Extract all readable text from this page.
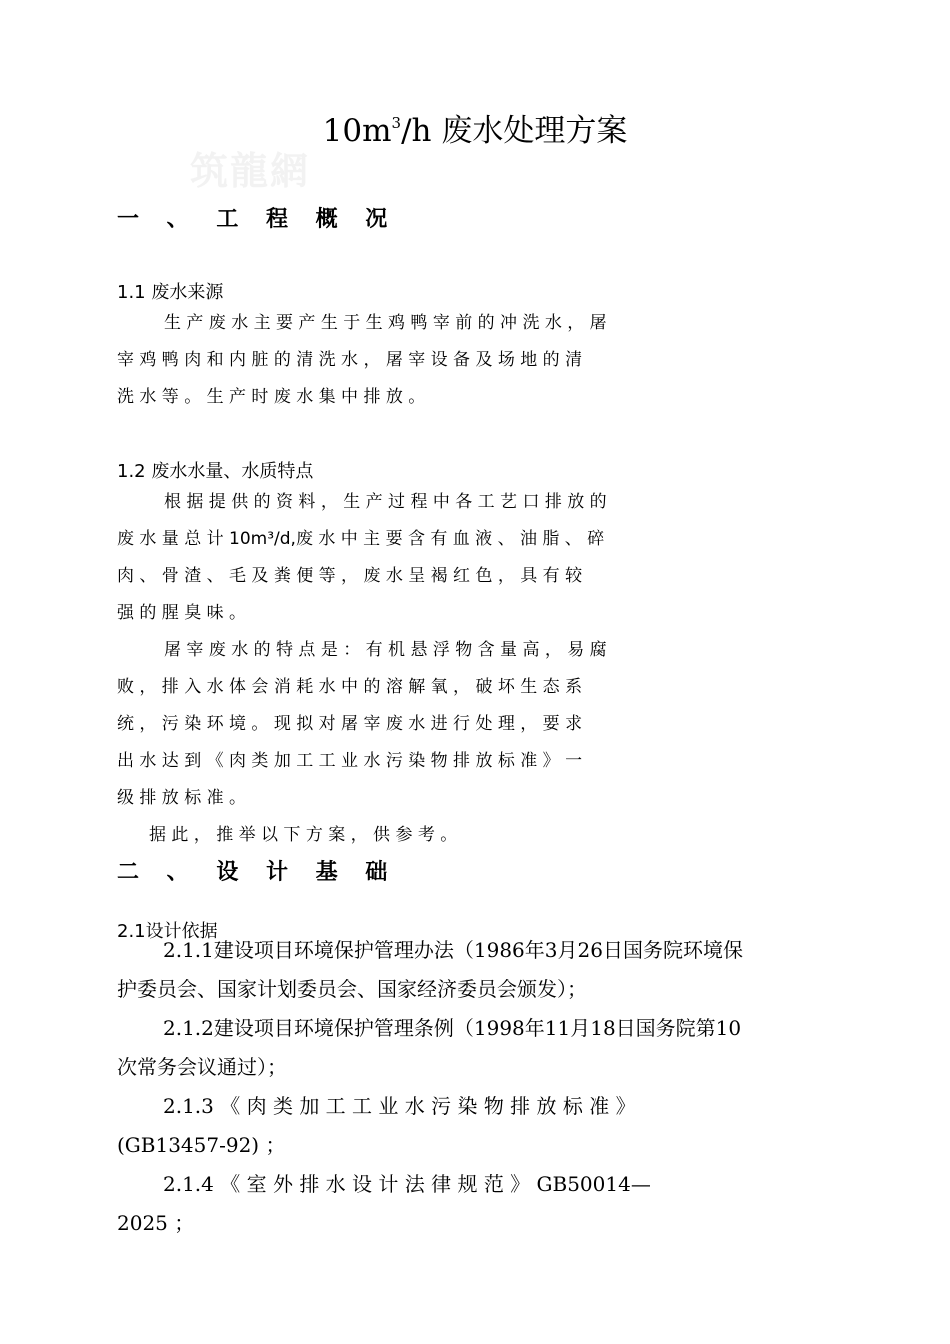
筑龍網
$10m^3/h$ 废水处理方案
一 、 工 程 概 况
1.1 废水来源
生 产 废 水 主 要 产 生 于 生 鸡 鸭 宰 前 的 冲 洗 水 ， 屠
宰 鸡 鸭 肉 和 内 脏 的 清 洗 水 ， 屠 宰 设 备 及 场 地 的 清
洗 水 等 。 生 产 时 废 水 集 中 排 放 。
1.2 废水水量、水质特点
根 据 提 供 的 资 料 ， 生 产 过 程 中 各 工 艺 口 排 放 的
废 水 量 总 计 10m³/d,废 水 中 主 要 含 有 血 液 、 油 脂 、 碎
肉 、 骨 渣 、 毛 及 粪 便 等 ， 废 水 呈 褐 红 色 ， 具 有 较
强 的 腥 臭 味 。
屠 宰 废 水 的 特 点 是 ： 有 机 悬 浮 物 含 量 高 ， 易 腐
败 ， 排 入 水 体 会 消 耗 水 中 的 溶 解 氧 ， 破 坏 生 态 系
统 ， 污 染 环 境 。 现 拟 对 屠 宰 废 水 进 行 处 理 ， 要 求
出 水 达 到 《 肉 类 加 工 工 业 水 污 染 物 排 放 标 准 》 一
级 排 放 标 准 。
据 此 ， 推 举 以 下 方 案 ， 供 参 考 。
二 、 设 计 基 础
2.1设计依据
2.1.1建设项目环境保护管理办法（1986年3月26日国务院环境保
护委员会、国家计划委员会、国家经济委员会颁发）；
2.1.2建设项目环境保护管理条例（1998年11月18日国务院第10
次常务会议通过）；
2.1.3 《 肉 类 加 工 工 业 水 污 染 物 排 放 标 准 》
(GB13457-92) ；
2.1.4 《 室 外 排 水 设 计 法 律 规 范 》 GB50014—
2025 ；
